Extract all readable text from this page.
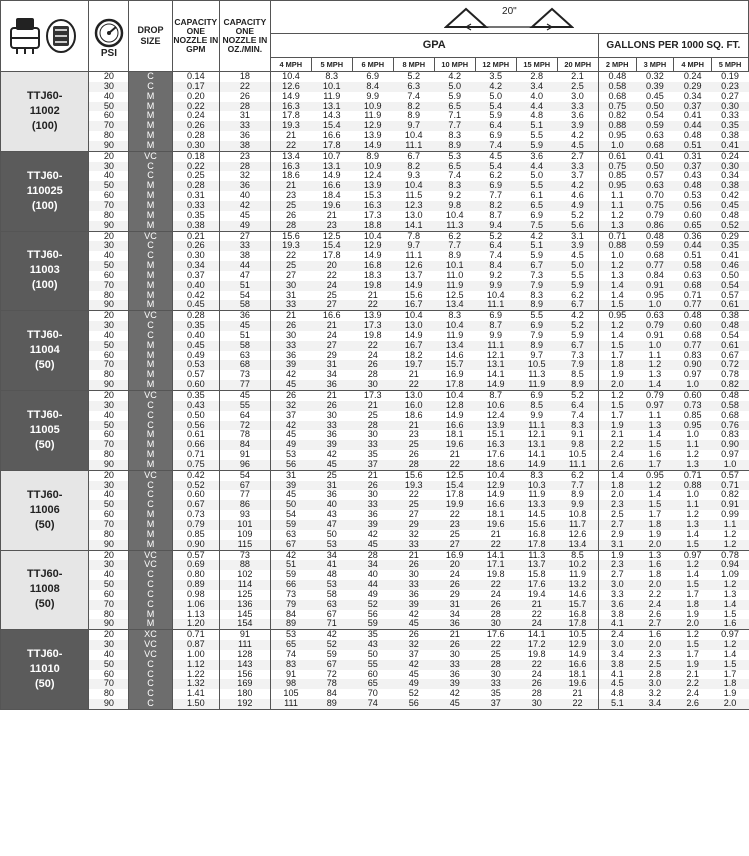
PSI	DROP SIZE	CAPACITY ONE NOZZLE IN GPM	CAPACITY ONE NOZZLE IN OZ./MIN.	20"											

					GPA								GALLONS PER 1000 SQ. FT.			
					4 MPH	5 MPH	6 MPH	8 MPH	10 MPH	12 MPH	15 MPH	20 MPH	2 MPH	3 MPH	4 MPH	5 MPH

TTJ60-
11002
(100)	20	C	0.14	18	10.4	8.3	6.9	5.2	4.2	3.5	2.8	2.1	0.48	0.32	0.24	0.19
	30	C	0.17	22	12.6	10.1	8.4	6.3	5.0	4.2	3.4	2.5	0.58	0.39	0.29	0.23
	40	M	0.20	26	14.9	11.9	9.9	7.4	5.9	5.0	4.0	3.0	0.68	0.45	0.34	0.27
	50	M	0.22	28	16.3	13.1	10.9	8.2	6.5	5.4	4.4	3.3	0.75	0.50	0.37	0.30
	60	M	0.24	31	17.8	14.3	11.9	8.9	7.1	5.9	4.8	3.6	0.82	0.54	0.41	0.33
	70	M	0.26	33	19.3	15.4	12.9	9.7	7.7	6.4	5.1	3.9	0.88	0.59	0.44	0.35
	80	M	0.28	36	21	16.6	13.9	10.4	8.3	6.9	5.5	4.2	0.95	0.63	0.48	0.38
	90	M	0.30	38	22	17.8	14.9	11.1	8.9	7.4	5.9	4.5	1.0	0.68	0.51	0.41

TTJ60-
110025
(100)	20	VC	0.18	23	13.4	10.7	8.9	6.7	5.3	4.5	3.6	2.7	0.61	0.41	0.31	0.24
	30	C	0.22	28	16.3	13.1	10.9	8.2	6.5	5.4	4.4	3.3	0.75	0.50	0.37	0.30
	40	C	0.25	32	18.6	14.9	12.4	9.3	7.4	6.2	5.0	3.7	0.85	0.57	0.43	0.34
	50	M	0.28	36	21	16.6	13.9	10.4	8.3	6.9	5.5	4.2	0.95	0.63	0.48	0.38
	60	M	0.31	40	23	18.4	15.3	11.5	9.2	7.7	6.1	4.6	1.1	0.70	0.53	0.42
	70	M	0.33	42	25	19.6	16.3	12.3	9.8	8.2	6.5	4.9	1.1	0.75	0.56	0.45
	80	M	0.35	45	26	21	17.3	13.0	10.4	8.7	6.9	5.2	1.2	0.79	0.60	0.48
	90	M	0.38	49	28	23	18.8	14.1	11.3	9.4	7.5	5.6	1.3	0.86	0.65	0.52

TTJ60-
11003
(100)	20	VC	0.21	27	15.6	12.5	10.4	7.8	6.2	5.2	4.2	3.1	0.71	0.48	0.36	0.29
	30	C	0.26	33	19.3	15.4	12.9	9.7	7.7	6.4	5.1	3.9	0.88	0.59	0.44	0.35
	40	C	0.30	38	22	17.8	14.9	11.1	8.9	7.4	5.9	4.5	1.0	0.68	0.51	0.41
	50	M	0.34	44	25	20	16.8	12.6	10.1	8.4	6.7	5.0	1.2	0.77	0.58	0.46
	60	M	0.37	47	27	22	18.3	13.7	11.0	9.2	7.3	5.5	1.3	0.84	0.63	0.50
	70	M	0.40	51	30	24	19.8	14.9	11.9	9.9	7.9	5.9	1.4	0.91	0.68	0.54
	80	M	0.42	54	31	25	21	15.6	12.5	10.4	8.3	6.2	1.4	0.95	0.71	0.57
	90	M	0.45	58	33	27	22	16.7	13.4	11.1	8.9	6.7	1.5	1.0	0.77	0.61

TTJ60-
11004
(50)	20	VC	0.28	36	21	16.6	13.9	10.4	8.3	6.9	5.5	4.2	0.95	0.63	0.48	0.38
	30	C	0.35	45	26	21	17.3	13.0	10.4	8.7	6.9	5.2	1.2	0.79	0.60	0.48
	40	C	0.40	51	30	24	19.8	14.9	11.9	9.9	7.9	5.9	1.4	0.91	0.68	0.54
	50	M	0.45	58	33	27	22	16.7	13.4	11.1	8.9	6.7	1.5	1.0	0.77	0.61
	60	M	0.49	63	36	29	24	18.2	14.6	12.1	9.7	7.3	1.7	1.1	0.83	0.67
	70	M	0.53	68	39	31	26	19.7	15.7	13.1	10.5	7.9	1.8	1.2	0.90	0.72
	80	M	0.57	73	42	34	28	21	16.9	14.1	11.3	8.5	1.9	1.3	0.97	0.78
	90	M	0.60	77	45	36	30	22	17.8	14.9	11.9	8.9	2.0	1.4	1.0	0.82

TTJ60-
11005
(50)	20	VC	0.35	45	26	21	17.3	13.0	10.4	8.7	6.9	5.2	1.2	0.79	0.60	0.48
	30	C	0.43	55	32	26	21	16.0	12.8	10.6	8.5	6.4	1.5	0.97	0.73	0.58
	40	C	0.50	64	37	30	25	18.6	14.9	12.4	9.9	7.4	1.7	1.1	0.85	0.68
	50	C	0.56	72	42	33	28	21	16.6	13.9	11.1	8.3	1.9	1.3	0.95	0.76
	60	M	0.61	78	45	36	30	23	18.1	15.1	12.1	9.1	2.1	1.4	1.0	0.83
	70	M	0.66	84	49	39	33	25	19.6	16.3	13.1	9.8	2.2	1.5	1.1	0.90
	80	M	0.71	91	53	42	35	26	21	17.6	14.1	10.5	2.4	1.6	1.2	0.97
	90	M	0.75	96	56	45	37	28	22	18.6	14.9	11.1	2.6	1.7	1.3	1.0

TTJ60-
11006
(50)	20	VC	0.42	54	31	25	21	15.6	12.5	10.4	8.3	6.2	1.4	0.95	0.71	0.57
	30	C	0.52	67	39	31	26	19.3	15.4	12.9	10.3	7.7	1.8	1.2	0.88	0.71
	40	C	0.60	77	45	36	30	22	17.8	14.9	11.9	8.9	2.0	1.4	1.0	0.82
	50	C	0.67	86	50	40	33	25	19.9	16.6	13.3	9.9	2.3	1.5	1.1	0.91
	60	M	0.73	93	54	43	36	27	22	18.1	14.5	10.8	2.5	1.7	1.2	0.99
	70	M	0.79	101	59	47	39	29	23	19.6	15.6	11.7	2.7	1.8	1.3	1.1
	80	M	0.85	109	63	50	42	32	25	21	16.8	12.6	2.9	1.9	1.4	1.2
	90	M	0.90	115	67	53	45	33	27	22	17.8	13.4	3.1	2.0	1.5	1.2

TTJ60-
11008
(50)	20	VC	0.57	73	42	34	28	21	16.9	14.1	11.3	8.5	1.9	1.3	0.97	0.78
	30	VC	0.69	88	51	41	34	26	20	17.1	13.7	10.2	2.3	1.6	1.2	0.94
	40	C	0.80	102	59	48	40	30	24	19.8	15.8	11.9	2.7	1.8	1.4	1.09
	50	C	0.89	114	66	53	44	33	26	22	17.6	13.2	3.0	2.0	1.5	1.2
	60	C	0.98	125	73	58	49	36	29	24	19.4	14.6	3.3	2.2	1.7	1.3
	70	C	1.06	136	79	63	52	39	31	26	21	15.7	3.6	2.4	1.8	1.4
	80	M	1.13	145	84	67	56	42	34	28	22	16.8	3.8	2.6	1.9	1.5
	90	M	1.20	154	89	71	59	45	36	30	24	17.8	4.1	2.7	2.0	1.6

TTJ60-
11010
(50)	20	XC	0.71	91	53	42	35	26	21	17.6	14.1	10.5	2.4	1.6	1.2	0.97
	30	VC	0.87	111	65	52	43	32	26	22	17.2	12.9	3.0	2.0	1.5	1.2
	40	VC	1.00	128	74	59	50	37	30	25	19.8	14.9	3.4	2.3	1.7	1.4
	50	C	1.12	143	83	67	55	42	33	28	22	16.6	3.8	2.5	1.9	1.5
	60	C	1.22	156	91	72	60	45	36	30	24	18.1	4.1	2.8	2.1	1.7
	70	C	1.32	169	98	78	65	49	39	33	26	19.6	4.5	3.0	2.2	1.8
	80	C	1.41	180	105	84	70	52	42	35	28	21	4.8	3.2	2.4	1.9
	90	C	1.50	192	111	89	74	56	45	37	30	22	5.1	3.4	2.6	2.0
